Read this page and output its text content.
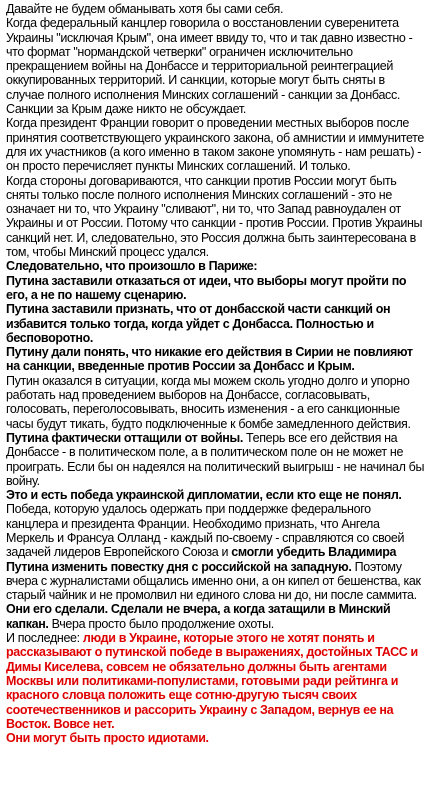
Давайте не будем обманывать хотя бы сами себя.

Когда федеральный канцлер говорила о восстановлении суверенитета Украины "исключая Крым", она имеет ввиду то, что и так давно известно - что формат "нормандской четверки" ограничен исключительно прекращением войны на Донбассе и территориальной реинтеграцией оккупированных территорий. И санкции, которые могут быть сняты в случае полного исполнения Минских соглашений - санкции за Донбасс. Санкции за Крым даже никто не обсуждает.

Когда президент Франции говорит о проведении местных выборов после принятия соответствующего украинского закона, об амнистии и иммунитете для их участников (а кого именно в таком законе упомянуть - нам решать) - он просто перечисляет пункты Минских соглашений. И только.

Когда стороны договариваются, что санкции против России могут быть сняты только после полного исполнения Минских соглашений - это не означает ни то, что Украину "сливают", ни то, что Запад равноудален от Украины и от России. Потому что санкции - против России. Против Украины санкций нет. И, следовательно, это Россия должна быть заинтересована в том, чтобы Минский процесс удался.

Следовательно, что произошло в Париже:

Путина заставили отказаться от идеи, что выборы могут пройти по его, а не по нашему сценарию.

Путина заставили признать, что от донбасской части санкций он избавится только тогда, когда уйдет с Донбасса. Полностью и бесповоротно.

Путину дали понять, что никакие его действия в Сирии не повлияют на санкции, введенные против России за Донбасс и Крым.

Путин оказался в ситуации, когда мы можем сколь угодно долго и упорно работать над проведением выборов на Донбассе, согласовывать, голосовать, переголосовывать, вносить изменения - а его санкционные часы будут тикать, будто подключенные к бомбе замедленного действия.

Путина фактически оттащили от войны. Теперь все его действия на Донбассе - в политическом поле, а в политическом поле он не может не проиграть. Если бы он надеялся на политический выигрыш - не начинал бы войну.

Это и есть победа украинской дипломатии, если кто еще не понял. Победа, которую удалось одержать при поддержке федерального канцлера и президента Франции. Необходимо признать, что Ангела Меркель и Франсуа Олланд - каждый по-своему - справляются со своей задачей лидеров Европейского Союза и смогли убедить Владимира Путина изменить повестку дня с российской на западную. Поэтому вчера с журналистами общались именно они, а он кипел от бешенства, как старый чайник и не промолвил ни единого слова ни до, ни после саммита. Они его сделали. Сделали не вчера, а когда затащили в Минский капкан. Вчера просто было продолжение охоты.

И последнее: люди в Украине, которые этого не хотят понять и рассказывают о путинской победе в выражениях, достойных ТАСС и Димы Киселева, совсем не обязательно должны быть агентами Москвы или политиками-популистами, готовыми ради рейтинга и красного словца положить еще сотню-другую тысяч своих соотечественников и рассорить Украину с Западом, вернув ее на Восток. Вовсе нет.

Они могут быть просто идиотами.
